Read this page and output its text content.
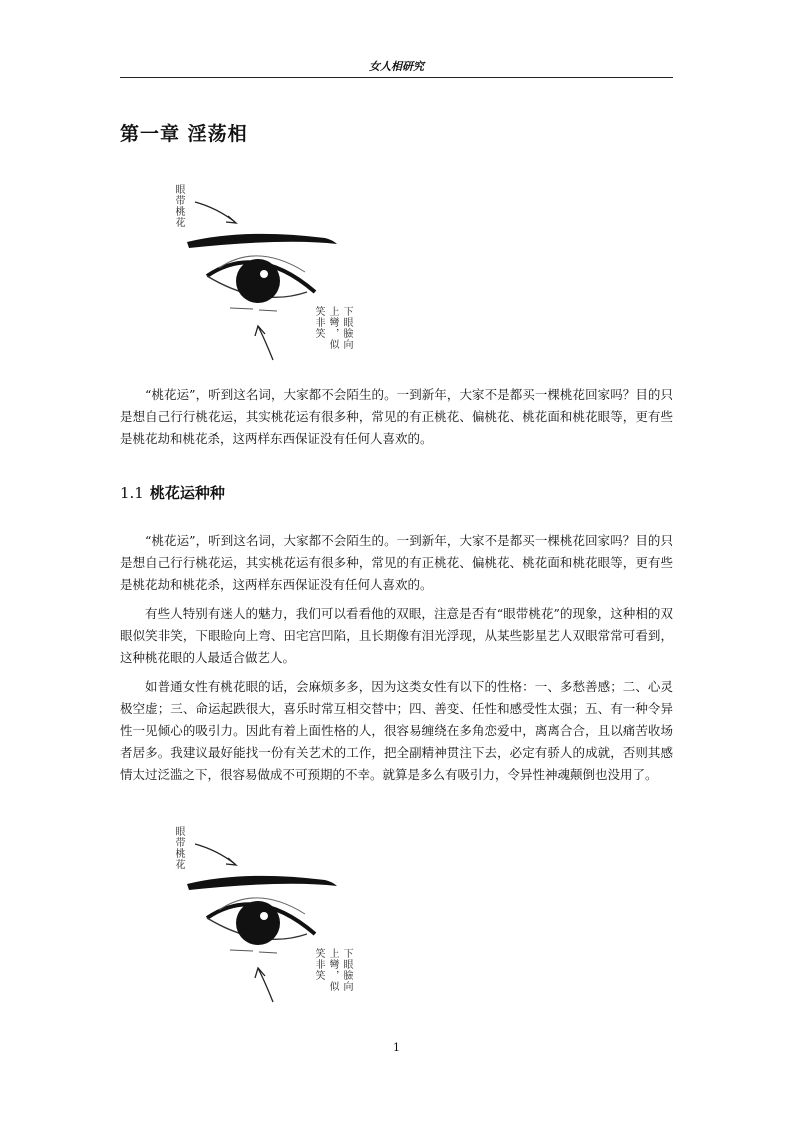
女人相研究
第一章 淫荡相
眼带桃花
下眼臉向
上彎，似
笑非笑

“桃花运”，听到这名词，大家都不会陌生的。一到新年，大家不是都买一棵桃花回家吗？目的只是想自己行行桃花运，其实桃花运有很多种，常见的有正桃花、偏桃花、桃花面和桃花眼等，更有些是桃花劫和桃花杀，这两样东西保证没有任何人喜欢的。

1.1 桃花运种种

“桃花运”，听到这名词，大家都不会陌生的。一到新年，大家不是都买一棵桃花回家吗？目的只是想自己行行桃花运，其实桃花运有很多种，常见的有正桃花、偏桃花、桃花面和桃花眼等，更有些是桃花劫和桃花杀，这两样东西保证没有任何人喜欢的。

有些人特别有迷人的魅力，我们可以看看他的双眼，注意是否有“眼带桃花”的现象，这种相的双眼似笑非笑，下眼睑向上弯、田宅宫凹陷，且长期像有泪光浮现，从某些影星艺人双眼常常可看到，这种桃花眼的人最适合做艺人。

如普通女性有桃花眼的话，会麻烦多多，因为这类女性有以下的性格：一、多愁善感；二、心灵极空虚；三、命运起跌很大，喜乐时常互相交替中；四、善变、任性和感受性太强；五、有一种令异性一见倾心的吸引力。因此有着上面性格的人，很容易缠绕在多角恋爱中，离离合合，且以痛苦收场者居多。我建议最好能找一份有关艺术的工作，把全副精神贯注下去，必定有骄人的成就，否则其感情太过泛滥之下，很容易做成不可预期的不幸。就算是多么有吸引力，令异性神魂颠倒也没用了。

眼带桃花
下眼臉向
上彎，似
笑非笑
1
